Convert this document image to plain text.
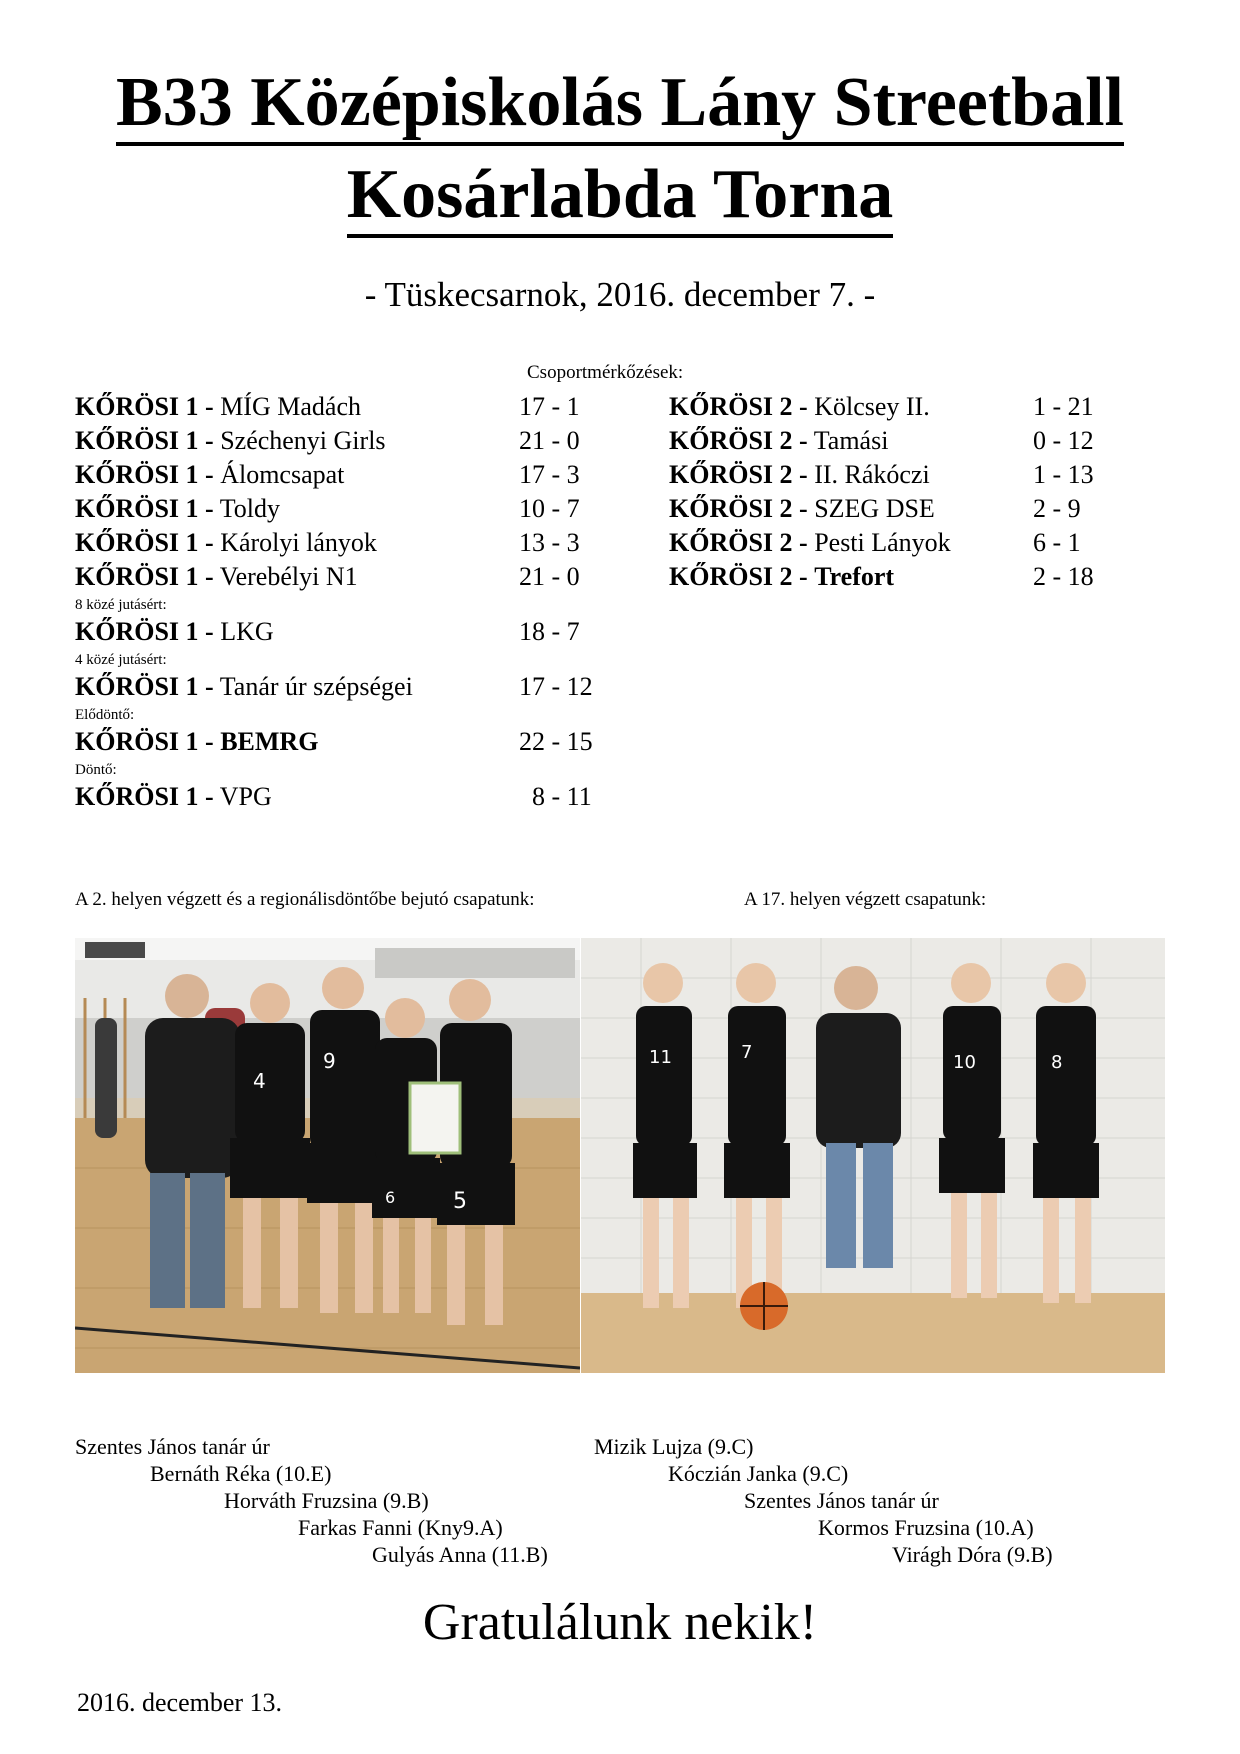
B33 Középiskolás Lány Streetball
Kosárlabda Torna
- Tüskecsarnok, 2016. december 7. -
Csoportmérkőzések:
KŐRÖSI 1 - MÍG Madách	17 - 1
KŐRÖSI 1 - Széchenyi Girls	21 - 0
KŐRÖSI 1 - Álomcsapat	17 - 3
KŐRÖSI 1 - Toldy	10 - 7
KŐRÖSI 1 - Károlyi lányok	13 - 3
KŐRÖSI 1 - Verebélyi N1	21 - 0
8 közé jutásért:
KŐRÖSI 1 - LKG	18 - 7
4 közé jutásért:
KŐRÖSI 1 - Tanár úr szépségei	17 - 12
Elődöntő:
KŐRÖSI 1 - BEMRG	22 - 15
Döntő:
KŐRÖSI 1 - VPG	8 - 11
KŐRÖSI 2 - Kölcsey II.	1 - 21
KŐRÖSI 2 - Tamási	0 - 12
KŐRÖSI 2 - II. Rákóczi	1 - 13
KŐRÖSI 2 - SZEG DSE	2 - 9
KŐRÖSI 2 - Pesti Lányok	6 - 1
KŐRÖSI 2 - Trefort	2 - 18
A 2. helyen végzett és a regionálisdöntőbe bejutó csapatunk:	A 17. helyen végzett csapatunk:
4
9
6	5
11	7	10	8
Szentes János tanár úr
Bernáth Réka (10.E)
Horváth Fruzsina (9.B)
Farkas Fanni (Kny9.A)
Gulyás Anna (11.B)
Mizik Lujza (9.C)
Kóczián Janka (9.C)
Szentes János tanár úr
Kormos Fruzsina (10.A)
Virágh Dóra (9.B)
Gratulálunk nekik!
2016. december 13.
